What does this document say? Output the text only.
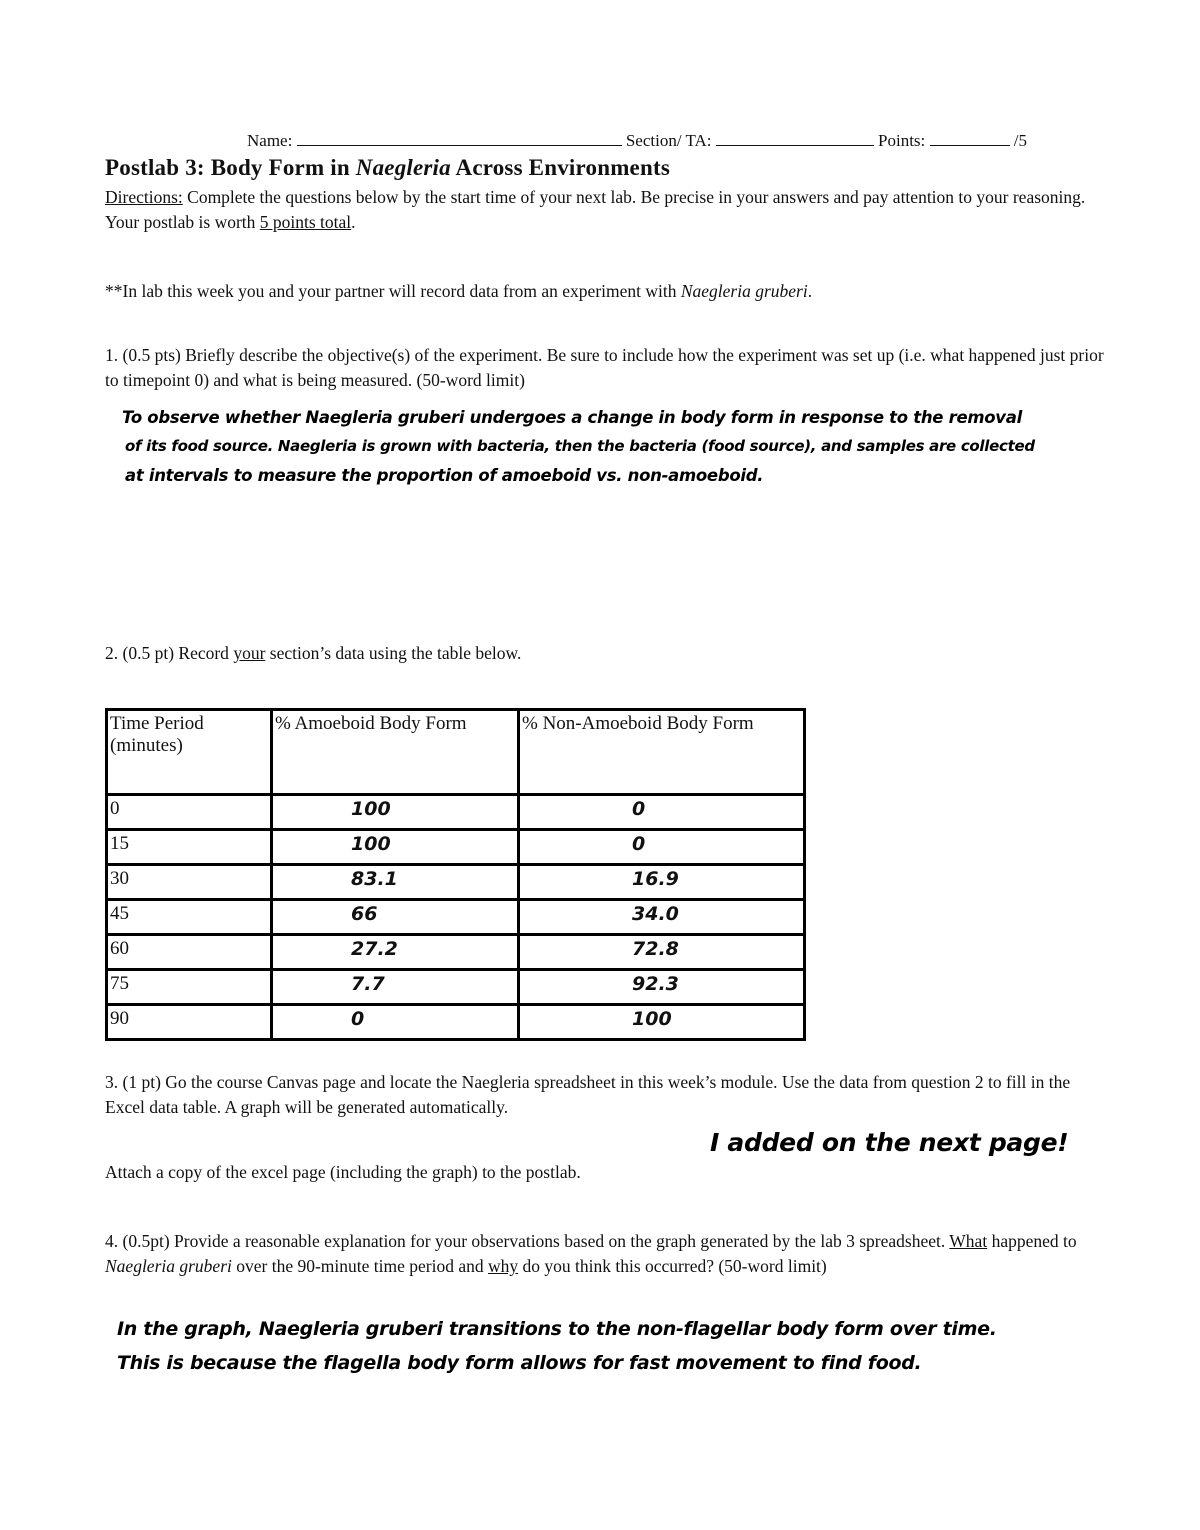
Name:	Section/ TA:	Points:	/5
Postlab 3: Body Form in Naegleria Across Environments
Directions: Complete the questions below by the start time of your next lab. Be precise in your answers and pay attention to your reasoning. Your postlab is worth 5 points total.
**In lab this week you and your partner will record data from an experiment with Naegleria gruberi.
1. (0.5 pts) Briefly describe the objective(s) of the experiment. Be sure to include how the experiment was set up (i.e. what happened just prior to timepoint 0) and what is being measured. (50-word limit)
To observe whether Naegleria gruberi undergoes a change in body form in response to the removal
of its food source. Naegleria is grown with bacteria, then the bacteria (food source), and samples are collected
at intervals to measure the proportion of amoeboid vs. non-amoeboid.
2. (0.5 pt) Record your section’s data using the table below.
Time Period (minutes)	% Amoeboid Body Form	% Non-Amoeboid Body Form
0	100	0
15	100	0
30	83.1	16.9
45	66	34.0
60	27.2	72.8
75	7.7	92.3
90	0	100
3. (1 pt) Go the course Canvas page and locate the Naegleria spreadsheet in this week’s module. Use the data from question 2 to fill in the Excel data table. A graph will be generated automatically.
I added on the next page!
Attach a copy of the excel page (including the graph) to the postlab.
4. (0.5pt) Provide a reasonable explanation for your observations based on the graph generated by the lab 3 spreadsheet. What happened to Naegleria gruberi over the 90-minute time period and why do you think this occurred? (50-word limit)
In the graph, Naegleria gruberi transitions to the non-flagellar body form over time.
This is because the flagella body form allows for fast movement to find food.
